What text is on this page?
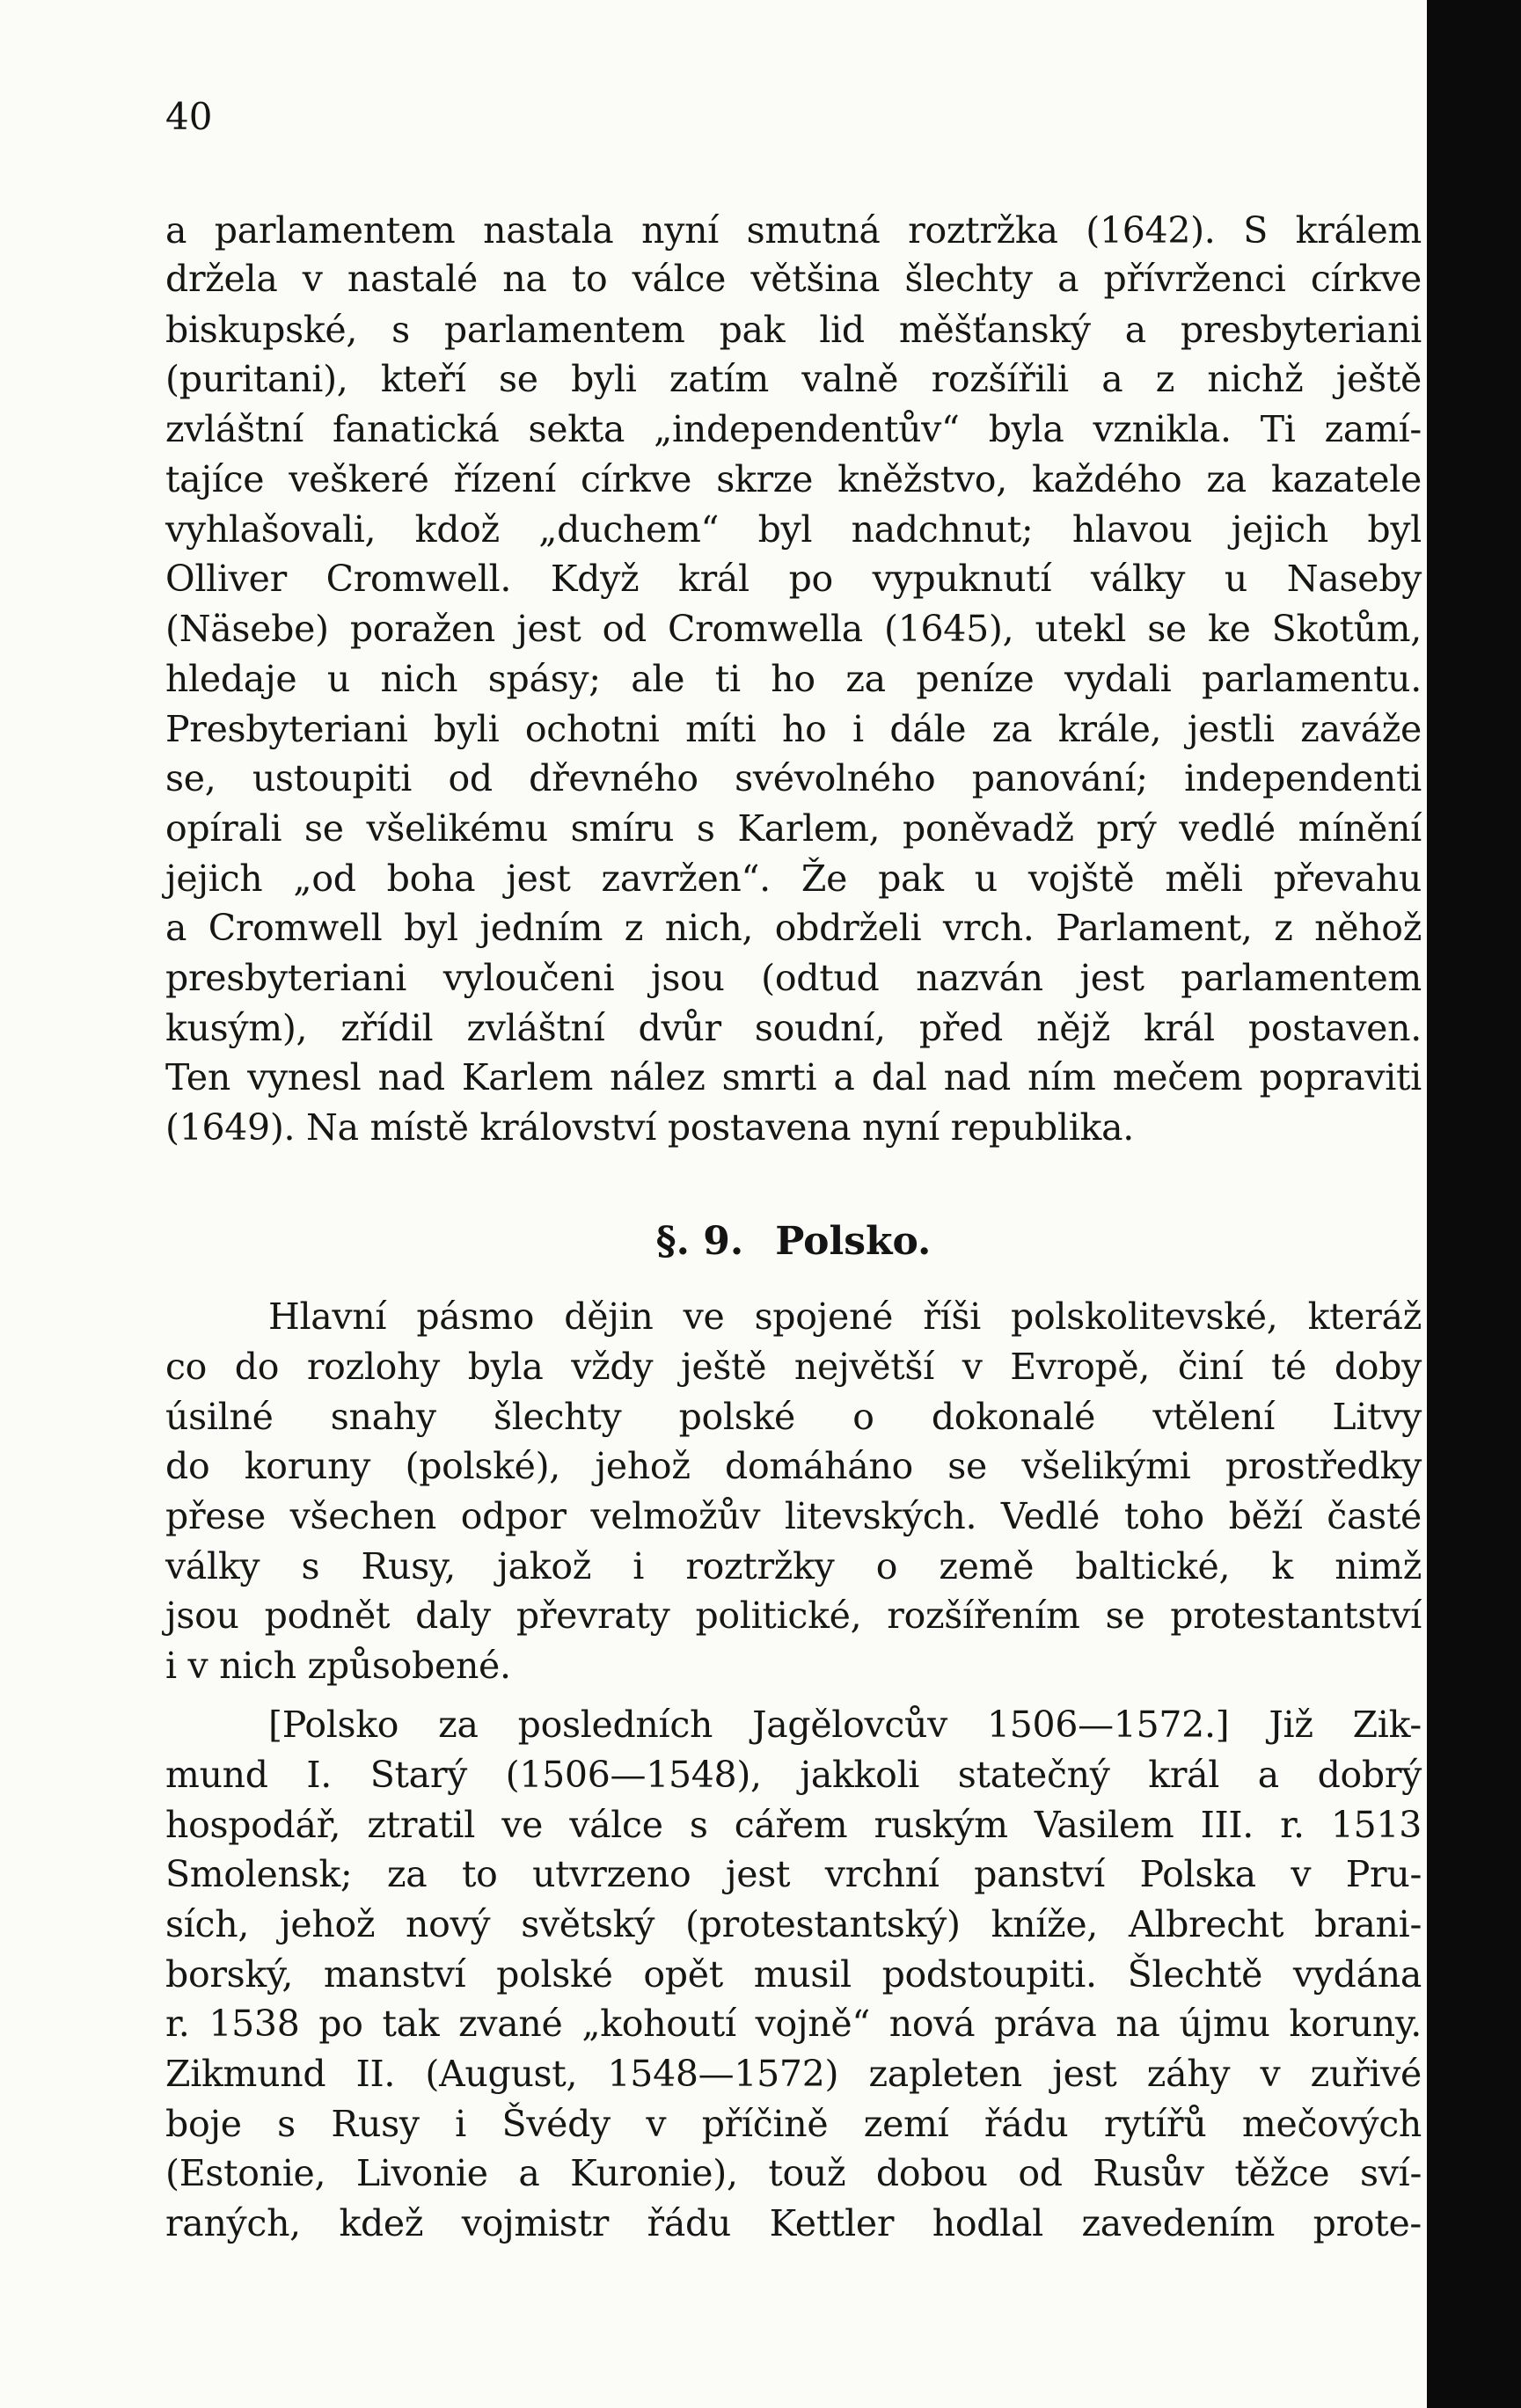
40
a parlamentem nastala nyní smutná roztržka (1642). S králem
držela v nastalé na to válce většina šlechty a přívrženci církve
biskupské, s parlamentem pak lid měšťanský a presbyteriani
(puritani), kteří se byli zatím valně rozšířili a z nichž ještě
zvláštní fanatická sekta „independentův“ byla vznikla. Ti zamí-
tajíce veškeré řízení církve skrze kněžstvo, každého za kazatele
vyhlašovali, kdož „duchem“ byl nadchnut; hlavou jejich byl
Olliver Cromwell. Když král po vypuknutí války u Naseby
(Näsebe) poražen jest od Cromwella (1645), utekl se ke Skotům,
hledaje u nich spásy; ale ti ho za peníze vydali parlamentu.
Presbyteriani byli ochotni míti ho i dále za krále, jestli zaváže
se, ustoupiti od dřevného svévolného panování; independenti
opírali se všelikému smíru s Karlem, poněvadž prý vedlé mínění
jejich „od boha jest zavržen“. Že pak u vojště měli převahu
a Cromwell byl jedním z nich, obdrželi vrch. Parlament, z něhož
presbyteriani vyloučeni jsou (odtud nazván jest parlamentem
kusým), zřídil zvláštní dvůr soudní, před nějž král postaven.
Ten vynesl nad Karlem nález smrti a dal nad ním mečem popraviti
(1649). Na místě království postavena nyní republika.
§. 9. Polsko.
Hlavní pásmo dějin ve spojené říši polskolitevské, kteráž
co do rozlohy byla vždy ještě největší v Evropě, činí té doby
úsilné snahy šlechty polské o dokonalé vtělení Litvy
do koruny (polské), jehož domáháno se všelikými prostředky
přese všechen odpor velmožův litevských. Vedlé toho běží časté
války s Rusy, jakož i roztržky o země baltické, k nimž
jsou podnět daly převraty politické, rozšířením se protestantství
i v nich způsobené.
[Polsko za posledních Jagělovcův 1506—1572.] Již Zik-
mund I. Starý (1506—1548), jakkoli statečný král a dobrý
hospodář, ztratil ve válce s cářem ruským Vasilem III. r. 1513
Smolensk; za to utvrzeno jest vrchní panství Polska v Pru-
sích, jehož nový světský (protestantský) kníže, Albrecht brani-
borský, manství polské opět musil podstoupiti. Šlechtě vydána
r. 1538 po tak zvané „kohoutí vojně“ nová práva na újmu koruny.
Zikmund II. (August, 1548—1572) zapleten jest záhy v zuřivé
boje s Rusy i Švédy v příčině zemí řádu rytířů mečových
(Estonie, Livonie a Kuronie), touž dobou od Rusův těžce sví-
raných, kdež vojmistr řádu Kettler hodlal zavedením prote-
